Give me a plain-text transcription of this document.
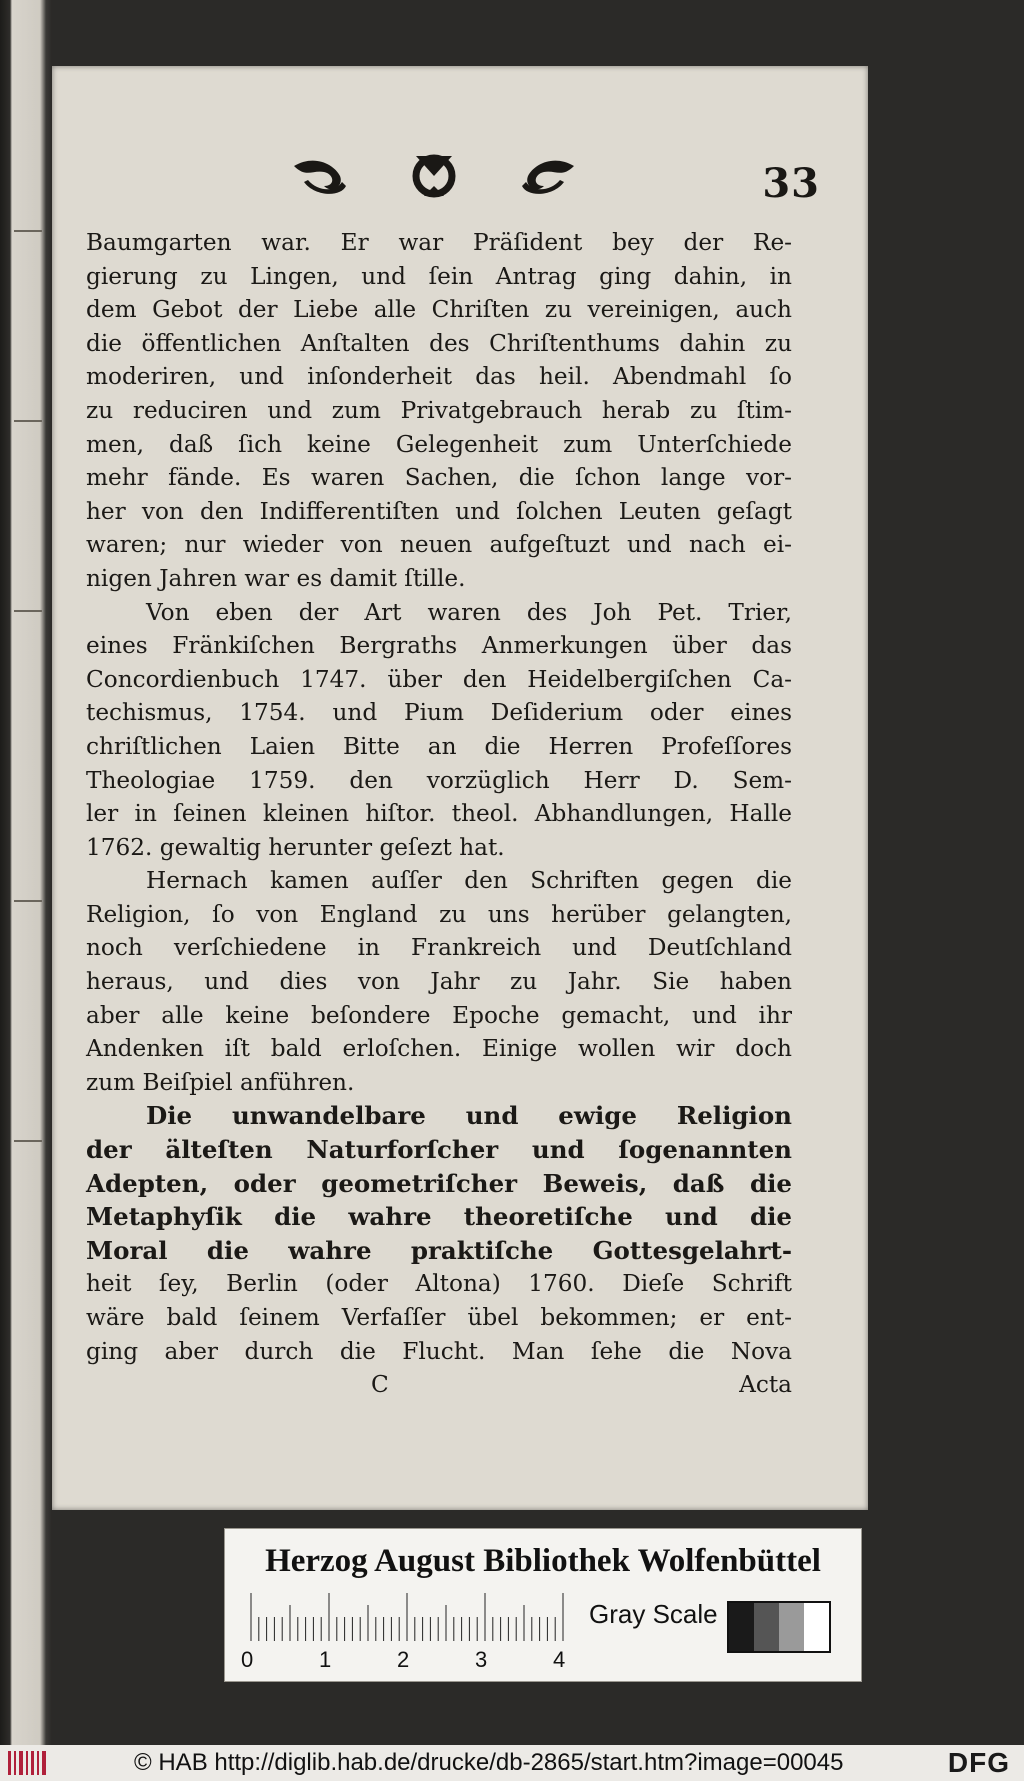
33
Baumgarten war. Er war Präſident bey der Re-
gierung zu Lingen, und ſein Antrag ging dahin, in
dem Gebot der Liebe alle Chriſten zu vereinigen, auch
die öffentlichen Anſtalten des Chriſtenthums dahin zu
moderiren, und inſonderheit das heil. Abendmahl ſo
zu reduciren und zum Privatgebrauch herab zu ſtim-
men, daß ſich keine Gelegenheit zum Unterſchiede
mehr fände. Es waren Sachen, die ſchon lange vor-
her von den Indifferentiſten und ſolchen Leuten geſagt
waren; nur wieder von neuen aufgeſtuzt und nach ei-
nigen Jahren war es damit ſtille.
Von eben der Art waren des Joh Pet. Trier,
eines Fränkiſchen Bergraths Anmerkungen über das
Concordienbuch 1747. über den Heidelbergiſchen Ca-
techismus, 1754. und Pium Deſiderium oder eines
chriſtlichen Laien Bitte an die Herren Profeſſores
Theologiae 1759. den vorzüglich Herr D. Sem-
ler in ſeinen kleinen hiſtor. theol. Abhandlungen, Halle
1762. gewaltig herunter geſezt hat.
Hernach kamen auſſer den Schriften gegen die
Religion, ſo von England zu uns herüber gelangten,
noch verſchiedene in Frankreich und Deutſchland
heraus, und dies von Jahr zu Jahr. Sie haben
aber alle keine beſondere Epoche gemacht, und ihr
Andenken iſt bald erloſchen. Einige wollen wir doch
zum Beiſpiel anführen.
Die unwandelbare und ewige Religion
der älteſten Naturforſcher und ſogenannten
Adepten, oder geometriſcher Beweis, daß die
Metaphyſik die wahre theoretiſche und die
Moral die wahre praktiſche Gottesgelahrt-
heit ſey, Berlin (oder Altona) 1760. Dieſe Schrift
wäre bald ſeinem Verfaſſer übel bekommen; er ent-
ging aber durch die Flucht. Man ſehe die Nova
C	Acta
Herzog August Bibliothek Wolfenbüttel
0	1	2	3	4
Gray Scale
© HAB http://diglib.hab.de/drucke/db-2865/start.htm?image=00045	DFG
